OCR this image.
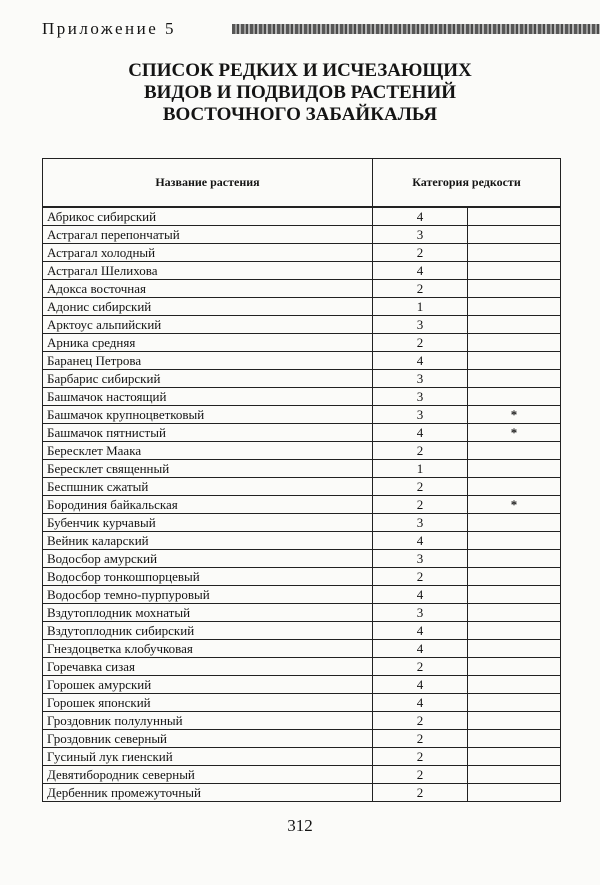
Приложение 5
СПИСОК РЕДКИХ И ИСЧЕЗАЮЩИХ
ВИДОВ И ПОДВИДОВ РАСТЕНИЙ
ВОСТОЧНОГО ЗАБАЙКАЛЬЯ
Название растения	Категория редкости	
Абрикос сибирский	4	
Астрагал перепончатый	3	
Астрагал холодный	2	
Астрагал Шелихова	4	
Адокса восточная	2	
Адонис сибирский	1	
Арктоус альпийский	3	
Арника средняя	2	
Баранец Петрова	4	
Барбарис сибирский	3	
Башмачок настоящий	3	
Башмачок крупноцветковый	3	*
Башмачок пятнистый	4	*
Бересклет Маака	2	
Бересклет священный	1	
Беспшник сжатый	2	
Бородиния байкальская	2	*
Бубенчик курчавый	3	
Вейник каларский	4	
Водосбор амурский	3	
Водосбор тонкошпорцевый	2	
Водосбор темно-пурпуровый	4	
Вздутоплодник мохнатый	3	
Вздутоплодник сибирский	4	
Гнездоцветка клобучковая	4	
Горечавка сизая	2	
Горошек амурский	4	
Горошек японский	4	
Гроздовник полулунный	2	
Гроздовник северный	2	
Гусиный лук гиенский	2	
Девятибородник северный	2	
Дербенник промежуточный	2	
312
